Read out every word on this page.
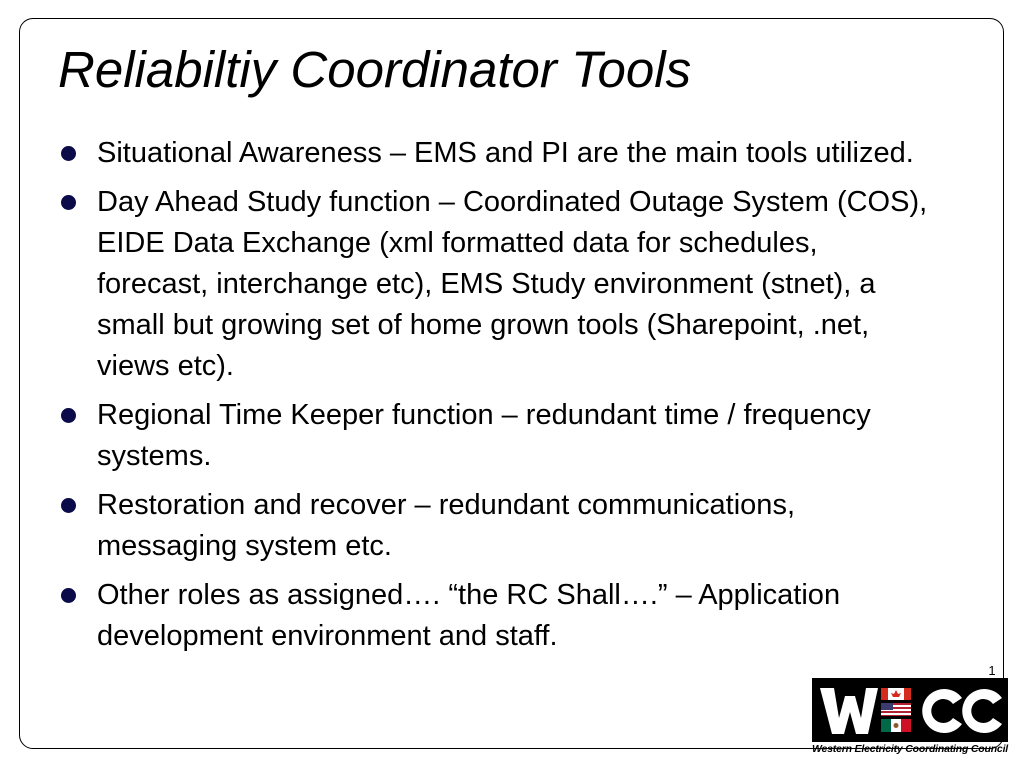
Reliabiltiy Coordinator Tools
Situational Awareness – EMS and PI are the main tools utilized.
Day Ahead Study function – Coordinated Outage System (COS), EIDE Data Exchange (xml formatted data for schedules, forecast, interchange etc), EMS Study environment (stnet), a small but growing set of home grown tools (Sharepoint, .net, views etc).
Regional Time Keeper function – redundant time / frequency systems.
Restoration and recover – redundant communications, messaging system etc.
Other roles as assigned…. “the RC Shall….” – Application development environment and staff.
1
Western Electricity Coordinating Council
